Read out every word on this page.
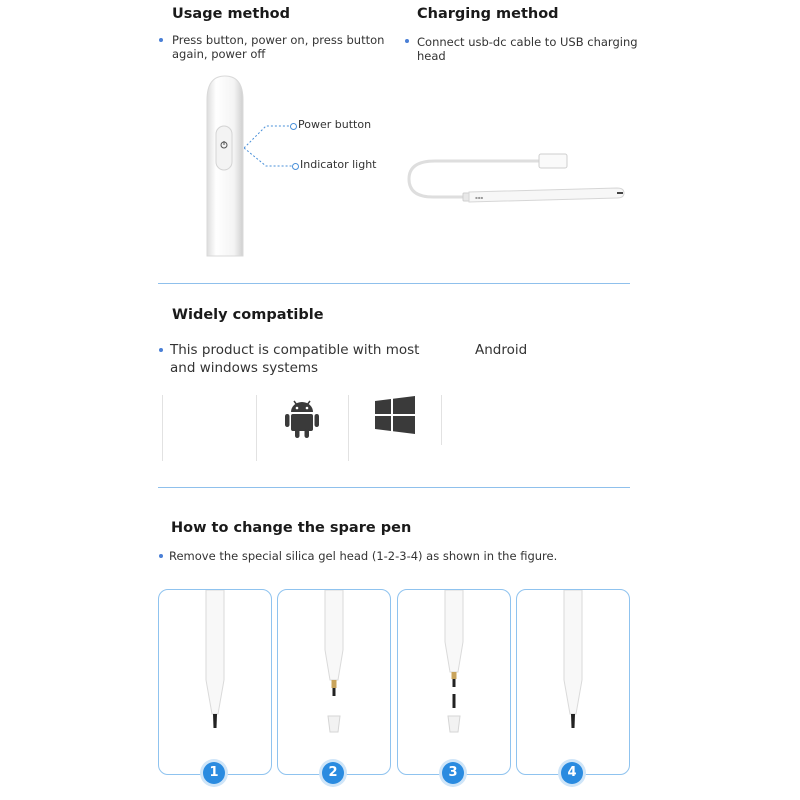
Usage method
Press button, power on, press button again, power off
Power button
Indicator light
Charging method
Connect usb-dc cable to USB charging head
▪▪▪
Widely compatible
This product is compatible with most and windows systems
Android
How to change the spare pen
Remove the special silica gel head (1-2-3-4) as shown in the figure.
1	2	3	4
